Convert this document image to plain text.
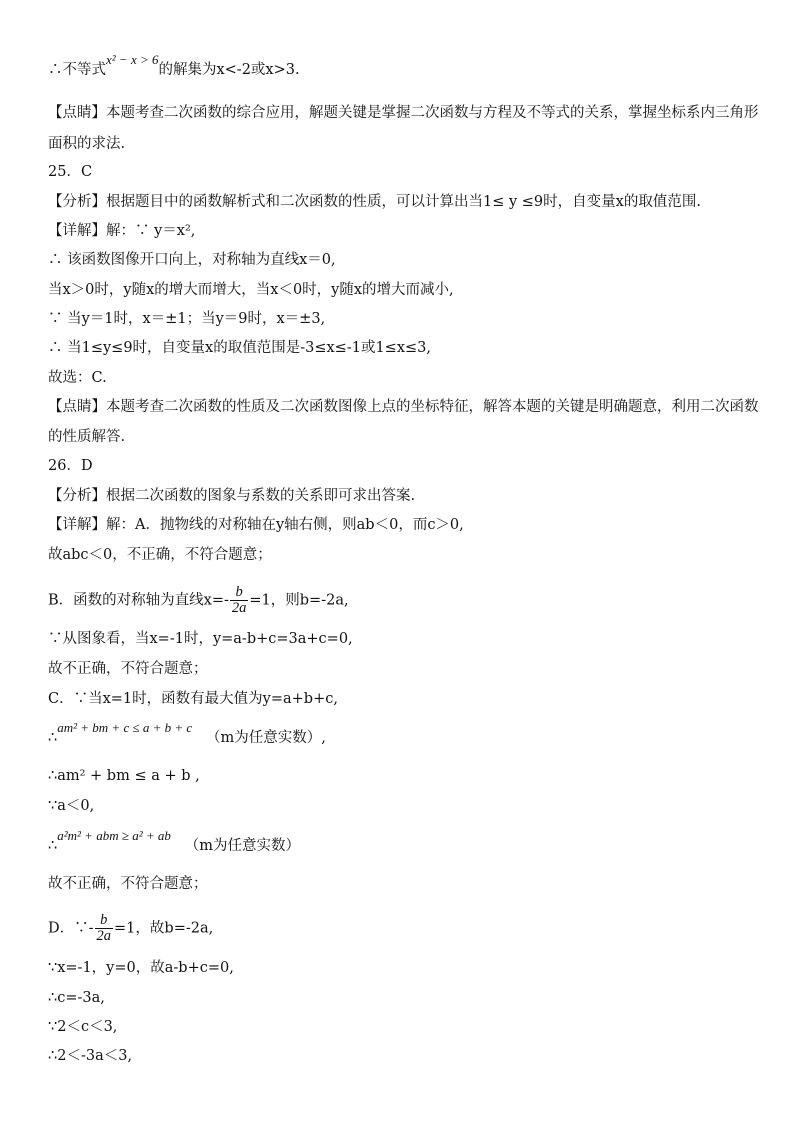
∴不等式x² − x > 6的解集为x<-2或x>3.
【点睛】本题考查二次函数的综合应用，解题关键是掌握二次函数与方程及不等式的关系，掌握坐标系内三角形
面积的求法.
25．C
【分析】根据题目中的函数解析式和二次函数的性质，可以计算出当1≤ y ≤9时，自变量x的取值范围.
【详解】解：∵ y＝x²,
∴ 该函数图像开口向上，对称轴为直线x＝0,
当x＞0时，y随x的增大而增大，当x＜0时，y随x的增大而减小,
∵ 当y＝1时，x＝±1；当y＝9时，x＝±3,
∴ 当1≤y≤9时，自变量x的取值范围是-3≤x≤-1或1≤x≤3,
故选：C.
【点睛】本题考查二次函数的性质及二次函数图像上点的坐标特征，解答本题的关键是明确题意，利用二次函数
的性质解答.
26．D
【分析】根据二次函数的图象与系数的关系即可求出答案.
【详解】解：A．抛物线的对称轴在y轴右侧，则ab＜0，而c＞0,
故abc＜0，不正确，不符合题意；
B．函数的对称轴为直线$x=- \frac{b}{2a} =1$，则b=-2a,
∵从图象看，当x=-1时，y=a-b+c=3a+c=0,
故不正确，不符合题意；
C．∵当x=1时，函数有最大值为y=a+b+c,
∴am² + bm + c ≤ a + b + c   （m为任意实数）,
∴am² + bm ≤ a + b ,
∵a＜0,
∴a²m² + abm ≥ a² + ab   （m为任意实数）
故不正确，不符合题意；
D．∵- $\frac{b}{2a} =1$，故b=-2a,
∵x=-1，y=0，故a-b+c=0,
∴c=-3a,
∵2＜c＜3,
∴2＜-3a＜3,
